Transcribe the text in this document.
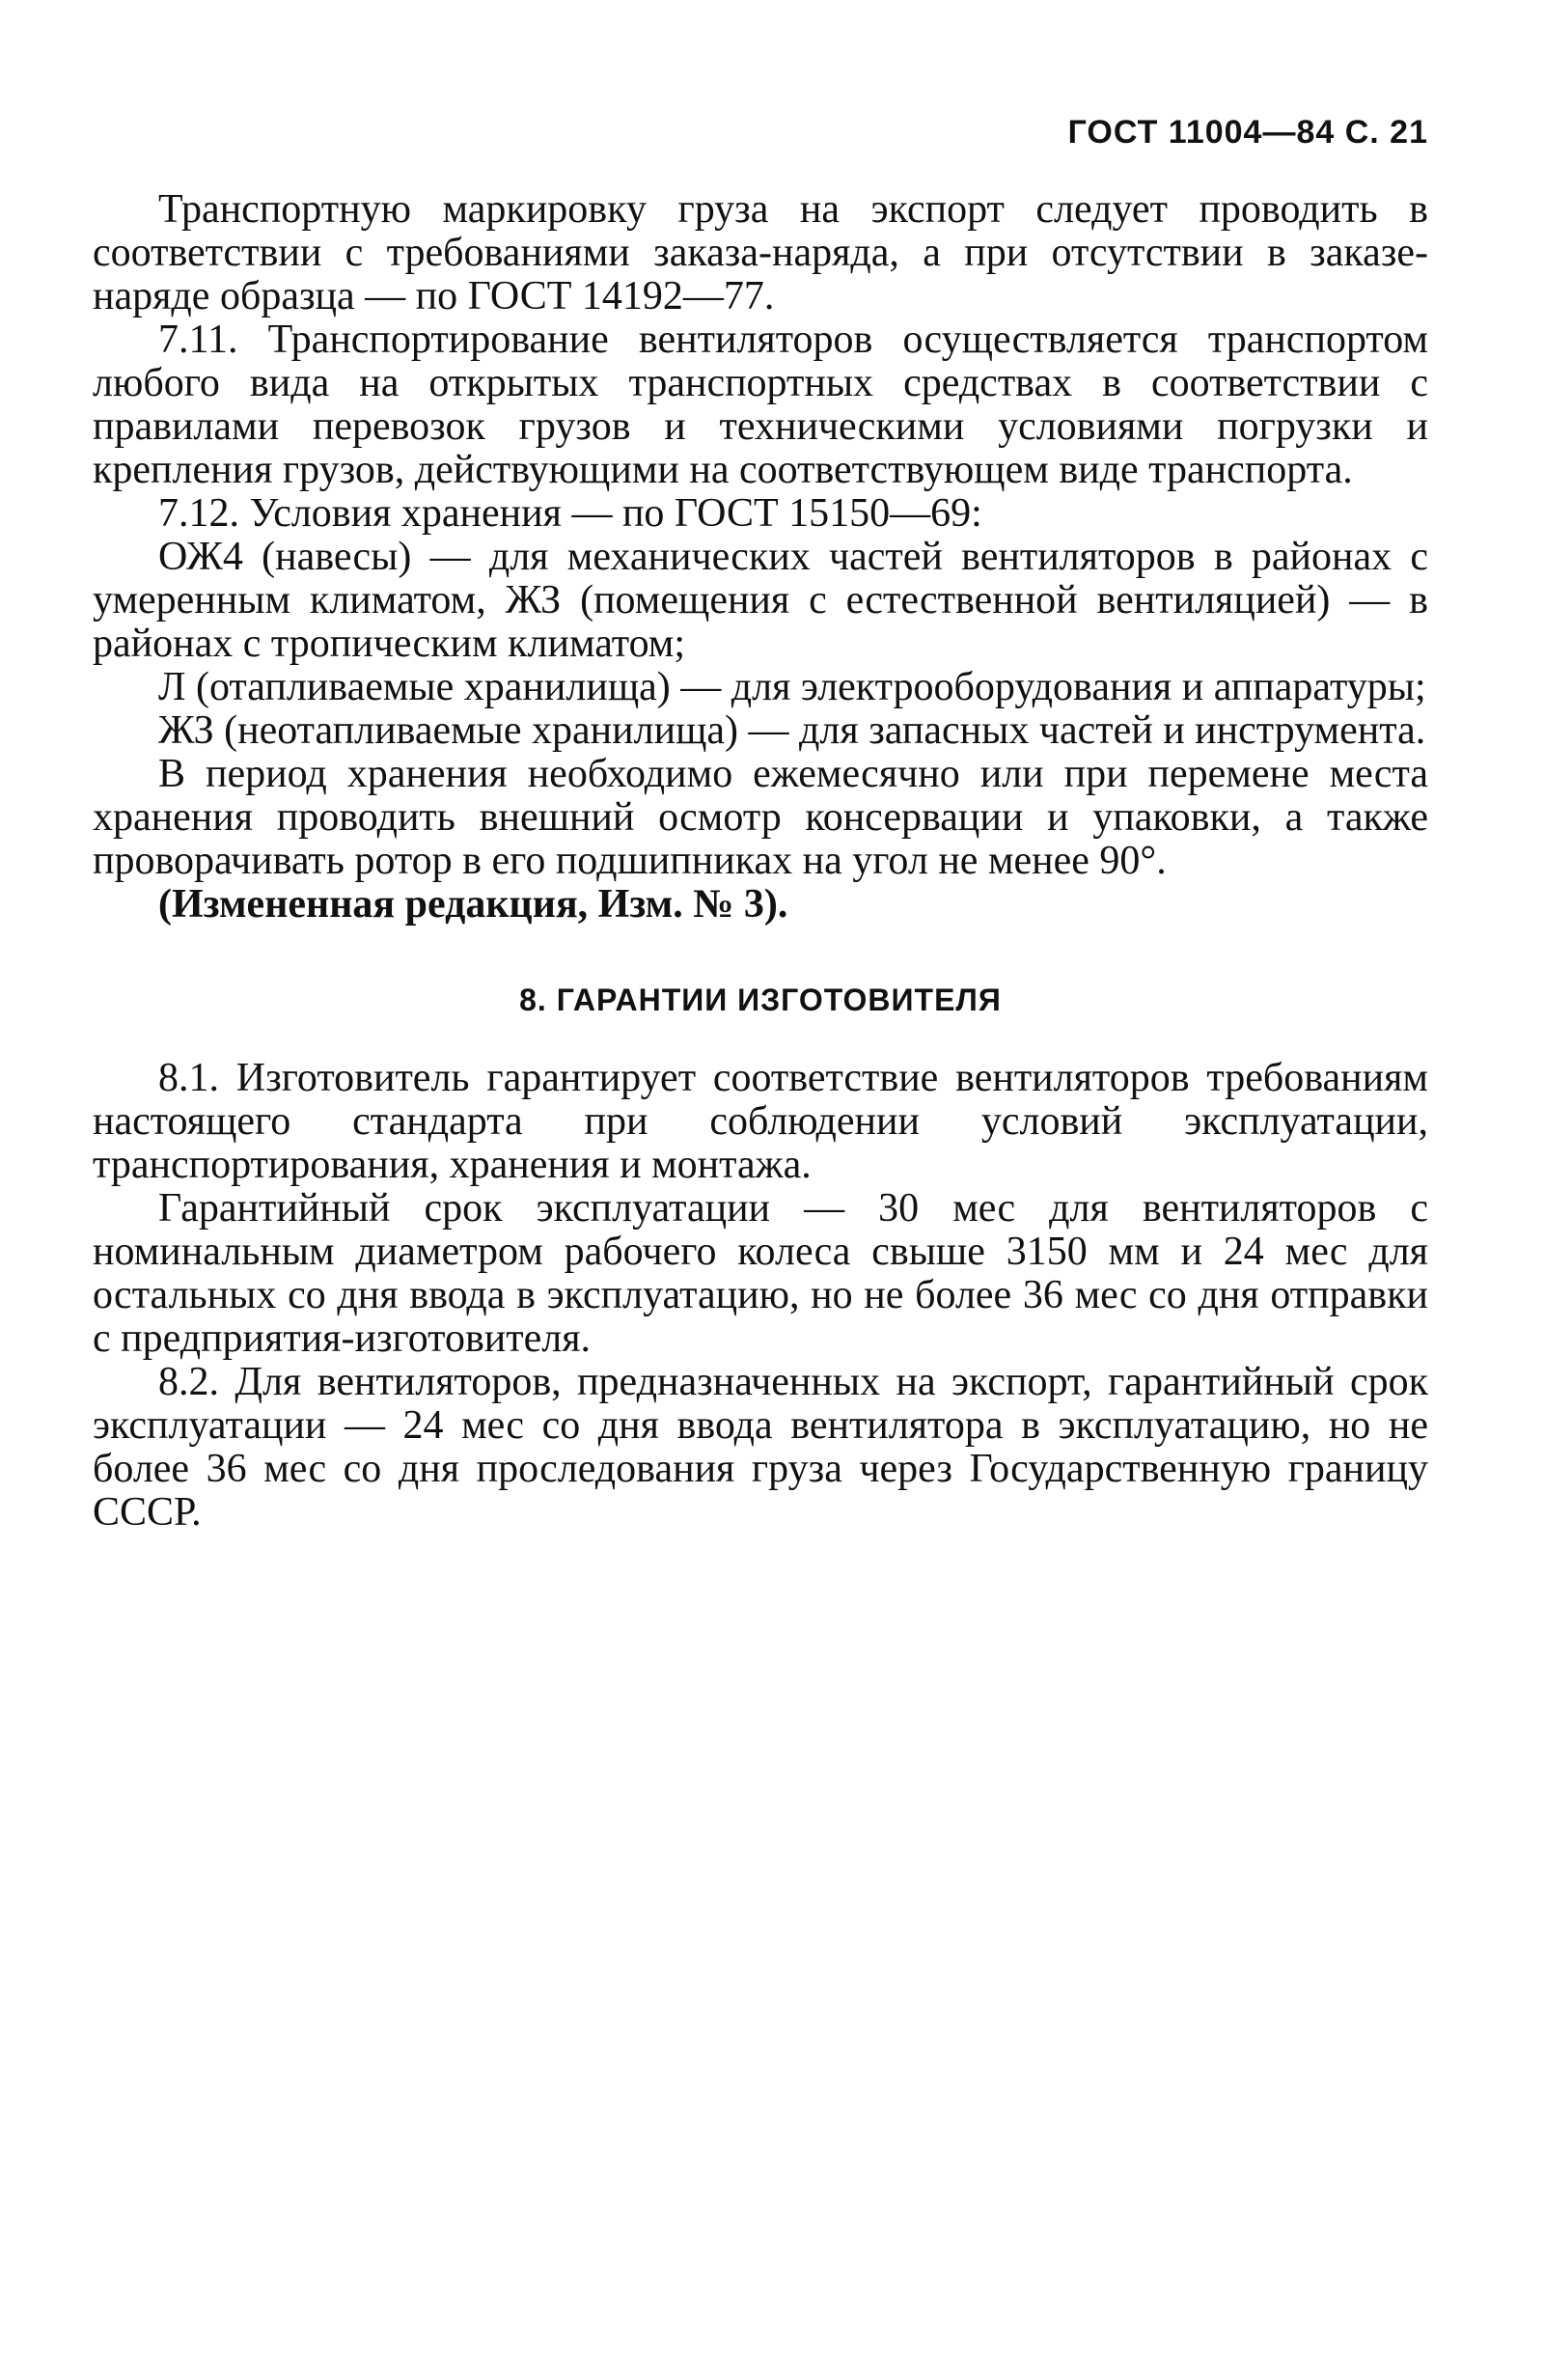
ГОСТ 11004—84 С. 21

Транспортную маркировку груза на экспорт следует проводить в соответствии с требованиями заказа-наряда, а при отсутствии в заказе-наряде образца — по ГОСТ 14192—77.

7.11. Транспортирование вентиляторов осуществляется транспортом любого вида на открытых транспортных средствах в соответствии с правилами перевозок грузов и техническими условиями погрузки и крепления грузов, действующими на соответствующем виде транспорта.

7.12. Условия хранения — по ГОСТ 15150—69:

ОЖ4 (навесы) — для механических частей вентиляторов в районах с умеренным климатом, ЖЗ (помещения с естественной вентиляцией) — в районах с тропическим климатом;

Л (отапливаемые хранилища) — для электрооборудования и аппаратуры;

ЖЗ (неотапливаемые хранилища) — для запасных частей и инструмента.

В период хранения необходимо ежемесячно или при перемене места хранения проводить внешний осмотр консервации и упаковки, а также проворачивать ротор в его подшипниках на угол не менее 90°.

(Измененная редакция, Изм. № 3).

8. ГАРАНТИИ ИЗГОТОВИТЕЛЯ

8.1. Изготовитель гарантирует соответствие вентиляторов требованиям настоящего стандарта при соблюдении условий эксплуатации, транспортирования, хранения и монтажа.

Гарантийный срок эксплуатации — 30 мес для вентиляторов с номинальным диаметром рабочего колеса свыше 3150 мм и 24 мес для остальных со дня ввода в эксплуатацию, но не более 36 мес со дня отправки с предприятия-изготовителя.

8.2. Для вентиляторов, предназначенных на экспорт, гарантийный срок эксплуатации — 24 мес со дня ввода вентилятора в эксплуатацию, но не более 36 мес со дня проследования груза через Государственную границу СССР.
